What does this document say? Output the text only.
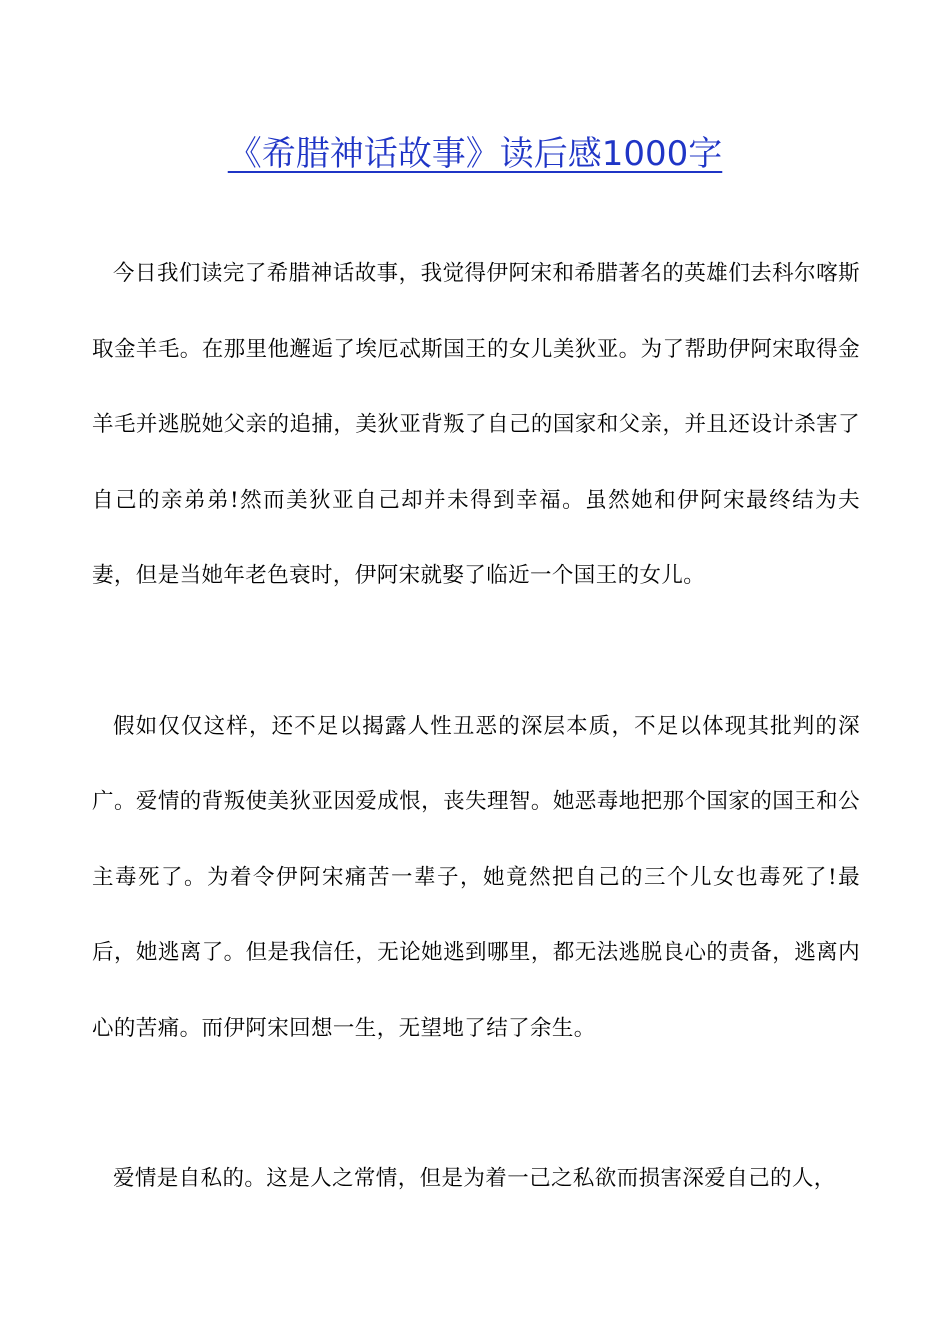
《希腊神话故事》读后感1000字

今日我们读完了希腊神话故事，我觉得伊阿宋和希腊著名的英雄们去科尔喀斯取金羊毛。在那里他邂逅了埃厄忒斯国王的女儿美狄亚。为了帮助伊阿宋取得金羊毛并逃脱她父亲的追捕，美狄亚背叛了自己的国家和父亲，并且还设计杀害了自己的亲弟弟!然而美狄亚自己却并未得到幸福。虽然她和伊阿宋最终结为夫妻，但是当她年老色衰时，伊阿宋就娶了临近一个国王的女儿。

假如仅仅这样，还不足以揭露人性丑恶的深层本质，不足以体现其批判的深广。爱情的背叛使美狄亚因爱成恨，丧失理智。她恶毒地把那个国家的国王和公主毒死了。为着令伊阿宋痛苦一辈子，她竟然把自己的三个儿女也毒死了!最后，她逃离了。但是我信任，无论她逃到哪里，都无法逃脱良心的责备，逃离内心的苦痛。而伊阿宋回想一生，无望地了结了余生。

爱情是自私的。这是人之常情，但是为着一己之私欲而损害深爱自己的人，
